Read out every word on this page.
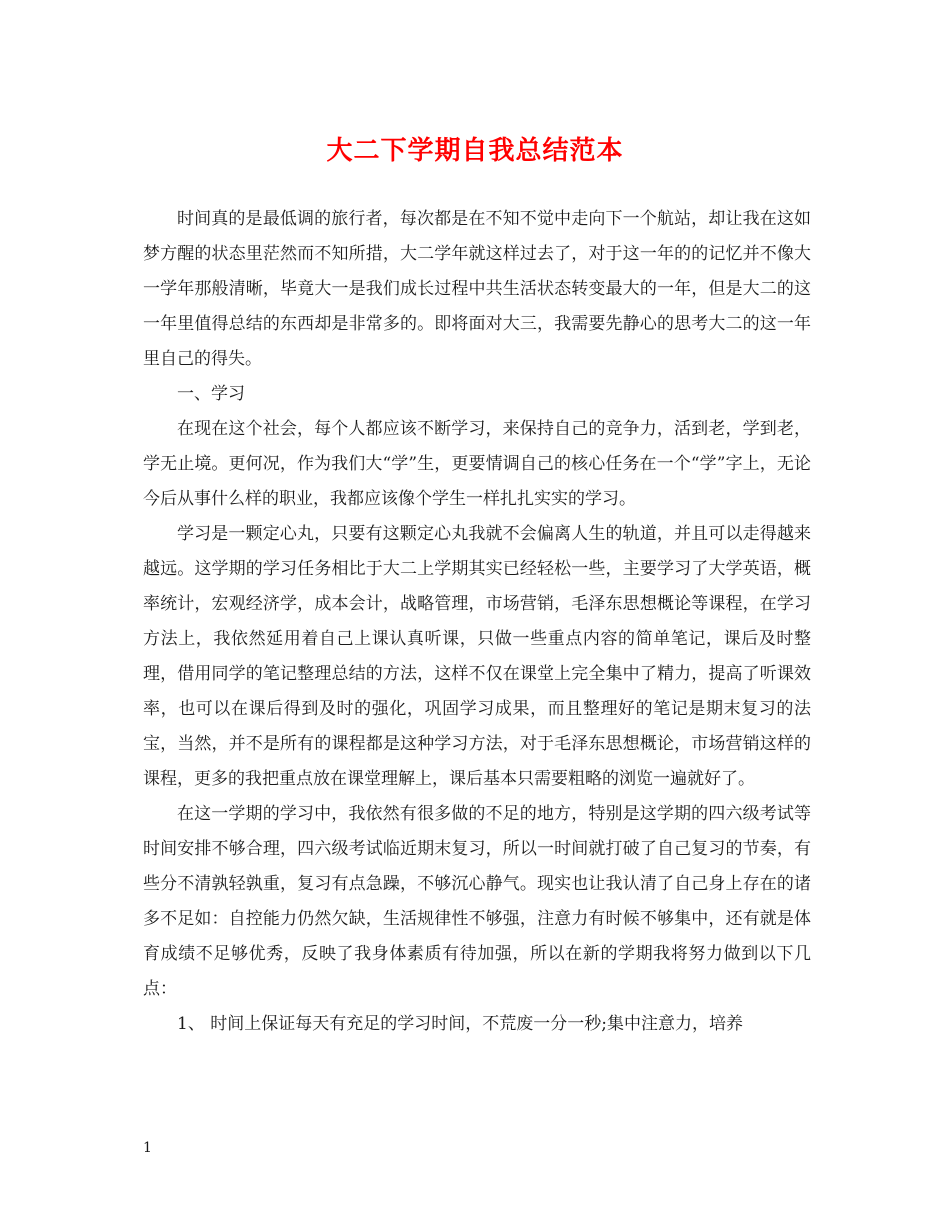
大二下学期自我总结范本

时间真的是最低调的旅行者，每次都是在不知不觉中走向下一个航站，却让我在这如梦方醒的状态里茫然而不知所措，大二学年就这样过去了，对于这一年的的记忆并不像大一学年那般清晰，毕竟大一是我们成长过程中共生活状态转变最大的一年，但是大二的这一年里值得总结的东西却是非常多的。即将面对大三，我需要先静心的思考大二的这一年里自己的得失。

一、学习

在现在这个社会，每个人都应该不断学习，来保持自己的竞争力，活到老，学到老，学无止境。更何况，作为我们大“学”生，更要情调自己的核心任务在一个“学”字上，无论今后从事什么样的职业，我都应该像个学生一样扎扎实实的学习。

学习是一颗定心丸，只要有这颗定心丸我就不会偏离人生的轨道，并且可以走得越来越远。这学期的学习任务相比于大二上学期其实已经轻松一些，主要学习了大学英语，概率统计，宏观经济学，成本会计，战略管理，市场营销，毛泽东思想概论等课程，在学习方法上，我依然延用着自己上课认真听课，只做一些重点内容的简单笔记，课后及时整理，借用同学的笔记整理总结的方法，这样不仅在课堂上完全集中了精力，提高了听课效率，也可以在课后得到及时的强化，巩固学习成果，而且整理好的笔记是期末复习的法宝，当然，并不是所有的课程都是这种学习方法，对于毛泽东思想概论，市场营销这样的课程，更多的我把重点放在课堂理解上，课后基本只需要粗略的浏览一遍就好了。

在这一学期的学习中，我依然有很多做的不足的地方，特别是这学期的四六级考试等时间安排不够合理，四六级考试临近期末复习，所以一时间就打破了自己复习的节奏，有些分不清孰轻孰重，复习有点急躁，不够沉心静气。现实也让我认清了自己身上存在的诸多不足如：自控能力仍然欠缺，生活规律性不够强，注意力有时候不够集中，还有就是体育成绩不足够优秀，反映了我身体素质有待加强，所以在新的学期我将努力做到以下几点：

1、 时间上保证每天有充足的学习时间，不荒废一分一秒;集中注意力，培养

1
